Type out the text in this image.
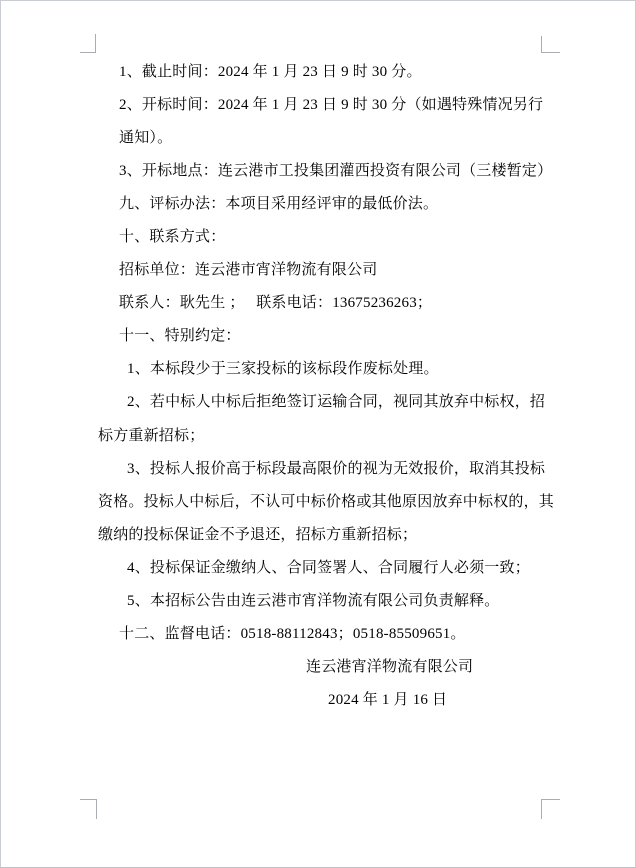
1、截止时间：2024 年 1 月 23 日 9 时 30 分。
2、开标时间：2024 年 1 月 23 日 9 时 30 分（如遇特殊情况另行
通知）。
3、开标地点：连云港市工投集团灌西投资有限公司（三楼暂定）
九、评标办法：本项目采用经评审的最低价法。
十、联系方式：
招标单位：连云港市宵洋物流有限公司
联系人：耿先生 ；　 联系电话：13675236263；
十一、特别约定：
1、本标段少于三家投标的该标段作废标处理。
2、若中标人中标后拒绝签订运输合同，视同其放弃中标权，招
标方重新招标；
3、投标人报价高于标段最高限价的视为无效报价，取消其投标
资格。投标人中标后，不认可中标价格或其他原因放弃中标权的，其
缴纳的投标保证金不予退还，招标方重新招标；
4、投标保证金缴纳人、合同签署人、合同履行人必须一致；
5、本招标公告由连云港市宵洋物流有限公司负责解释。
十二、监督电话：0518-88112843；0518-85509651。
连云港宵洋物流有限公司
2024 年 1 月 16 日
